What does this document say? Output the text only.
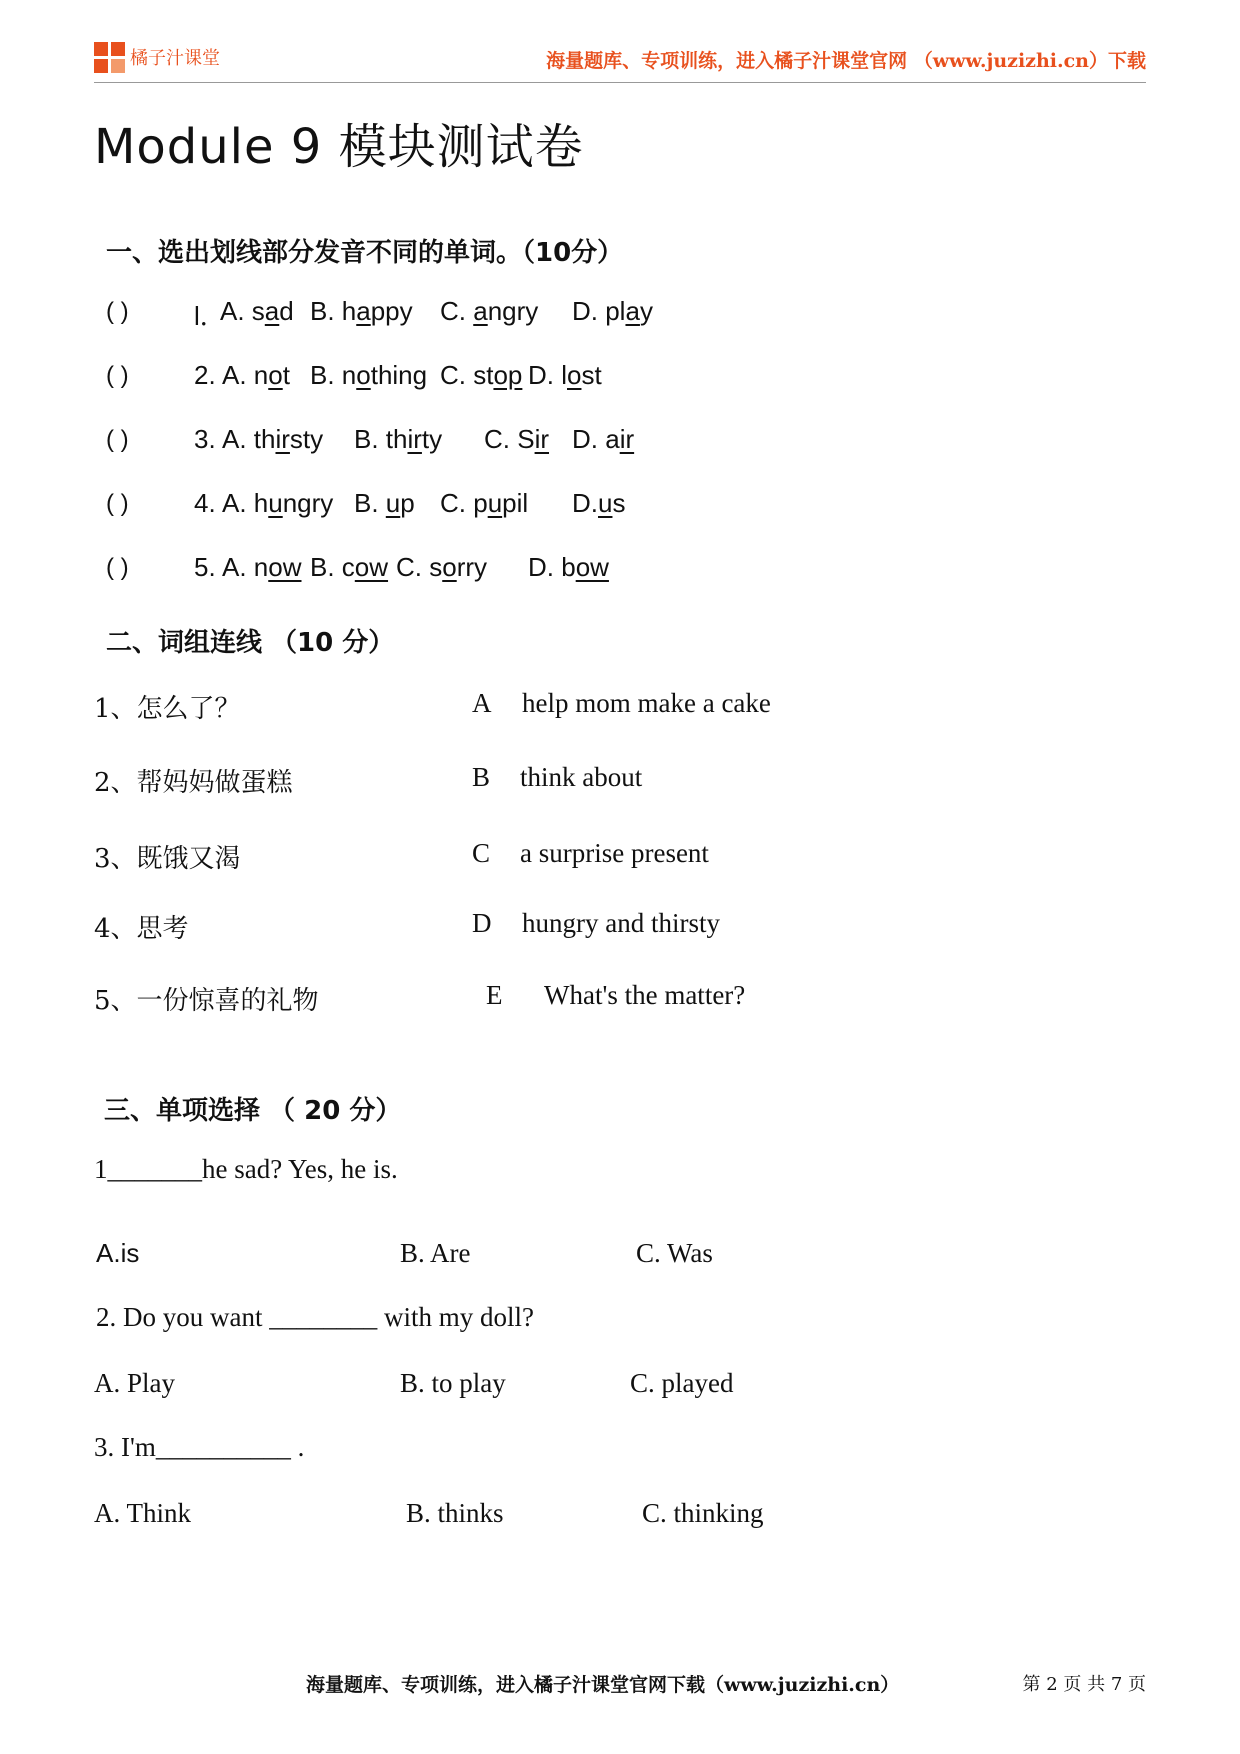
橘子汁课堂	海量题库、专项训练，进入橘子汁课堂官网 （www.juzizhi.cn）下载
Module 9 模块测试卷
一、选出划线部分发音不同的单词。（10分）
( )	l．
A. sad B. happy C. angry D. play
( )	2. A. not B. nothing C. stop D. lost
( )	3. A. thirsty B. thirty C. Sir D. air
( )	4. A. hungry B. up C. pupil D.us
( )	5. A. now B. cow C. sorry D. bow
二、词组连线 （10 分）
1、怎么了？	A help mom make a cake
2、帮妈妈做蛋糕	B think about
3、既饿又渴	C a surprise present
4、思考	D hungry and thirsty
5、一份惊喜的礼物	E What's the matter?
三、单项选择 （ 20 分）
1_______he sad? Yes, he is.
A.is	B. Are	C. Was
2. Do you want ________ with my doll?
A. Play	B. to play	C. played
3. I'm__________ .
A. Think	B. thinks	C. thinking
海量题库、专项训练，进入橘子汁课堂官网下载（www.juzizhi.cn）	第 2 页 共 7 页
